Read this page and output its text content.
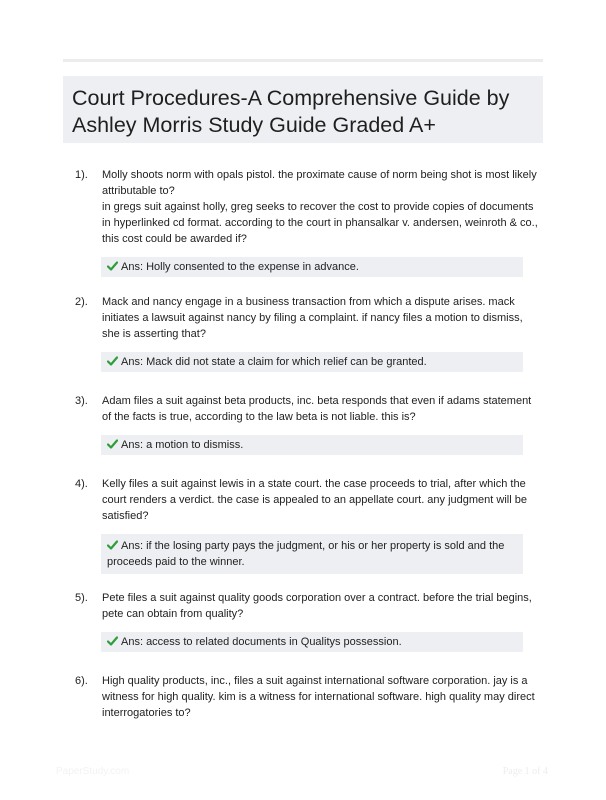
Court Procedures-A Comprehensive Guide by Ashley Morris Study Guide Graded A+
1). Molly shoots norm with opals pistol. the proximate cause of norm being shot is most likely attributable to?
in gregs suit against holly, greg seeks to recover the cost to provide copies of documents in hyperlinked cd format. according to the court in phansalkar v. andersen, weinroth & co., this cost could be awarded if?
Ans: Holly consented to the expense in advance.
2). Mack and nancy engage in a business transaction from which a dispute arises. mack initiates a lawsuit against nancy by filing a complaint. if nancy files a motion to dismiss, she is asserting that?
Ans: Mack did not state a claim for which relief can be granted.
3). Adam files a suit against beta products, inc. beta responds that even if adams statement of the facts is true, according to the law beta is not liable. this is?
Ans: a motion to dismiss.
4). Kelly files a suit against lewis in a state court. the case proceeds to trial, after which the court renders a verdict. the case is appealed to an appellate court. any judgment will be satisfied?
Ans: if the losing party pays the judgment, or his or her property is sold and the proceeds paid to the winner.
5). Pete files a suit against quality goods corporation over a contract. before the trial begins, pete can obtain from quality?
Ans: access to related documents in Qualitys possession.
6). High quality products, inc., files a suit against international software corporation. jay is a witness for high quality. kim is a witness for international software. high quality may direct interrogatories to?
PaperStudy.com	Page 1 of 4
